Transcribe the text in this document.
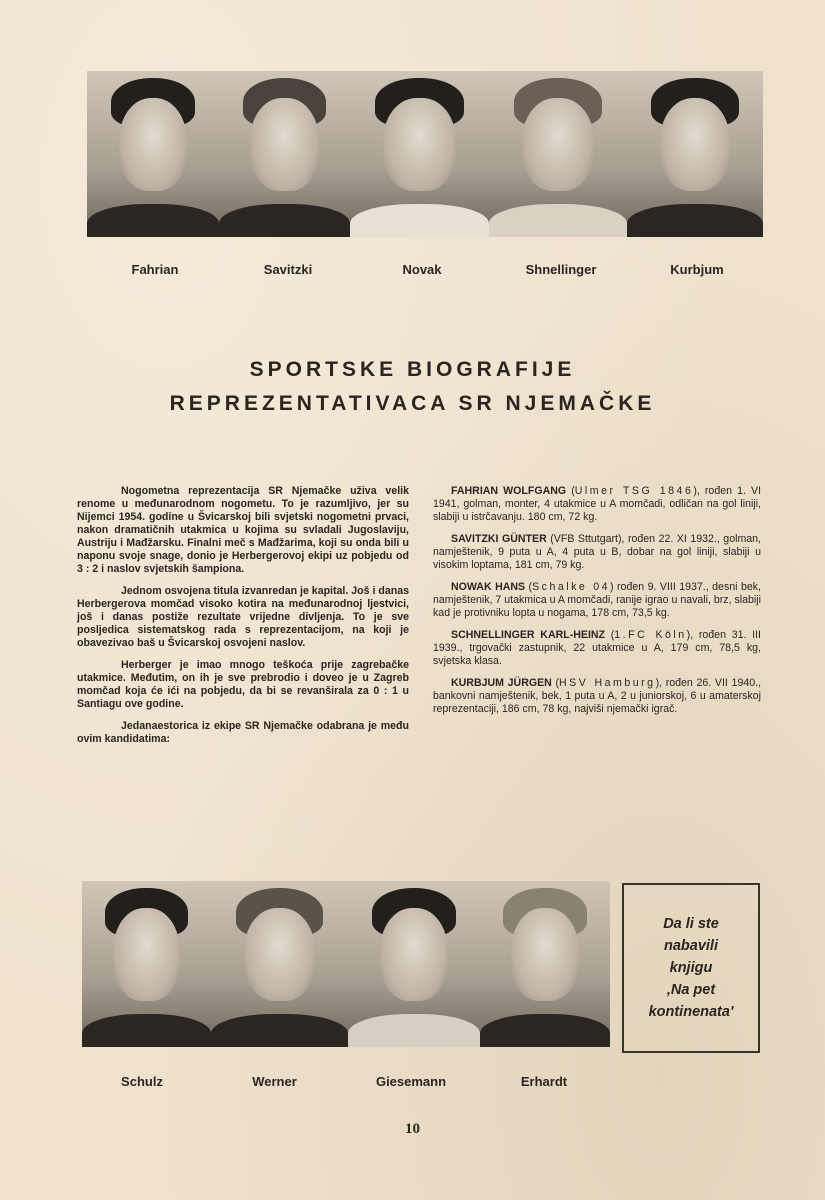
Fahrian	Savitzki	Novak	Shnellinger	Kurbjum
SPORTSKE BIOGRAFIJE
REPREZENTATIVACA SR NJEMAČKE

Nogometna reprezentacija SR Njemačke uživa velik renome u međunarodnom nogometu. To je razumljivo, jer su Nijemci 1954. godine u Švicarskoj bili svjetski nogometni prvaci, nakon dramatičnih utakmica u kojima su svladali Jugoslaviju, Austriju i Mađžarsku. Finalni meč s Mađžarima, koji su onda bili u naponu svoje snage, donio je Herbergerovoj ekipi uz pobjedu od 3 : 2 i naslov svjetskih šampiona.

Jednom osvojena titula izvanredan je kapital. Još i danas Herbergerova momčad visoko kotira na međunarodnoj ljestvici, još i danas postiže rezultate vrijedne divljenja. To je sve posljedica sistematskog rada s reprezentacijom, na koji je obavezivao baš u Švicarskoj osvojeni naslov.

Herberger je imao mnogo teškoća prije zagrebačke utakmice. Međutim, on ih je sve prebrodio i doveo je u Zagreb momčad koja će ići na pobjedu, da bi se revanširala za 0 : 1 u Santiagu ove godine.

Jedanaestorica iz ekipe SR Njemačke odabrana je među ovim kandidatima:

FAHRIAN WOLFGANG (Ulmer TSG 1846), rođen 1. VI 1941, golman, monter, 4 utakmice u A momčadi, odličan na gol liniji, slabiji u istrčavanju. 180 cm, 72 kg.

SAVITZKI GÜNTER (VFB Sttutgart), rođen 22. XI 1932., golman, namještenik, 9 puta u A, 4 puta u B, dobar na gol liniji, slabiji u visokim loptama, 181 cm, 79 kg.

NOWAK HANS (Schalke 04) rođen 9. VIII 1937., desni bek, namještenik, 7 utakmica u A momčadi, ranije igrao u navali, brz, slabiji kad je protivniku lopta u nogama, 178 cm, 73,5 kg.

SCHNELLINGER KARL-HEINZ (1.FC Köln), rođen 31. III 1939., trgovački zastupnik, 22 utakmice u A, 179 cm, 78,5 kg, svjetska klasa.

KURBJUM JÜRGEN (HSV Hamburg), rođen 26. VII 1940., bankovni namještenik, bek, 1 puta u A, 2 u juniorskoj, 6 u amaterskoj reprezentaciji, 186 cm, 78 kg, najviši njemački igrač.

Da li ste
nabavili
knjigu
‚Na pet
kontinenata'
Schulz	Werner	Giesemann	Erhardt
10
